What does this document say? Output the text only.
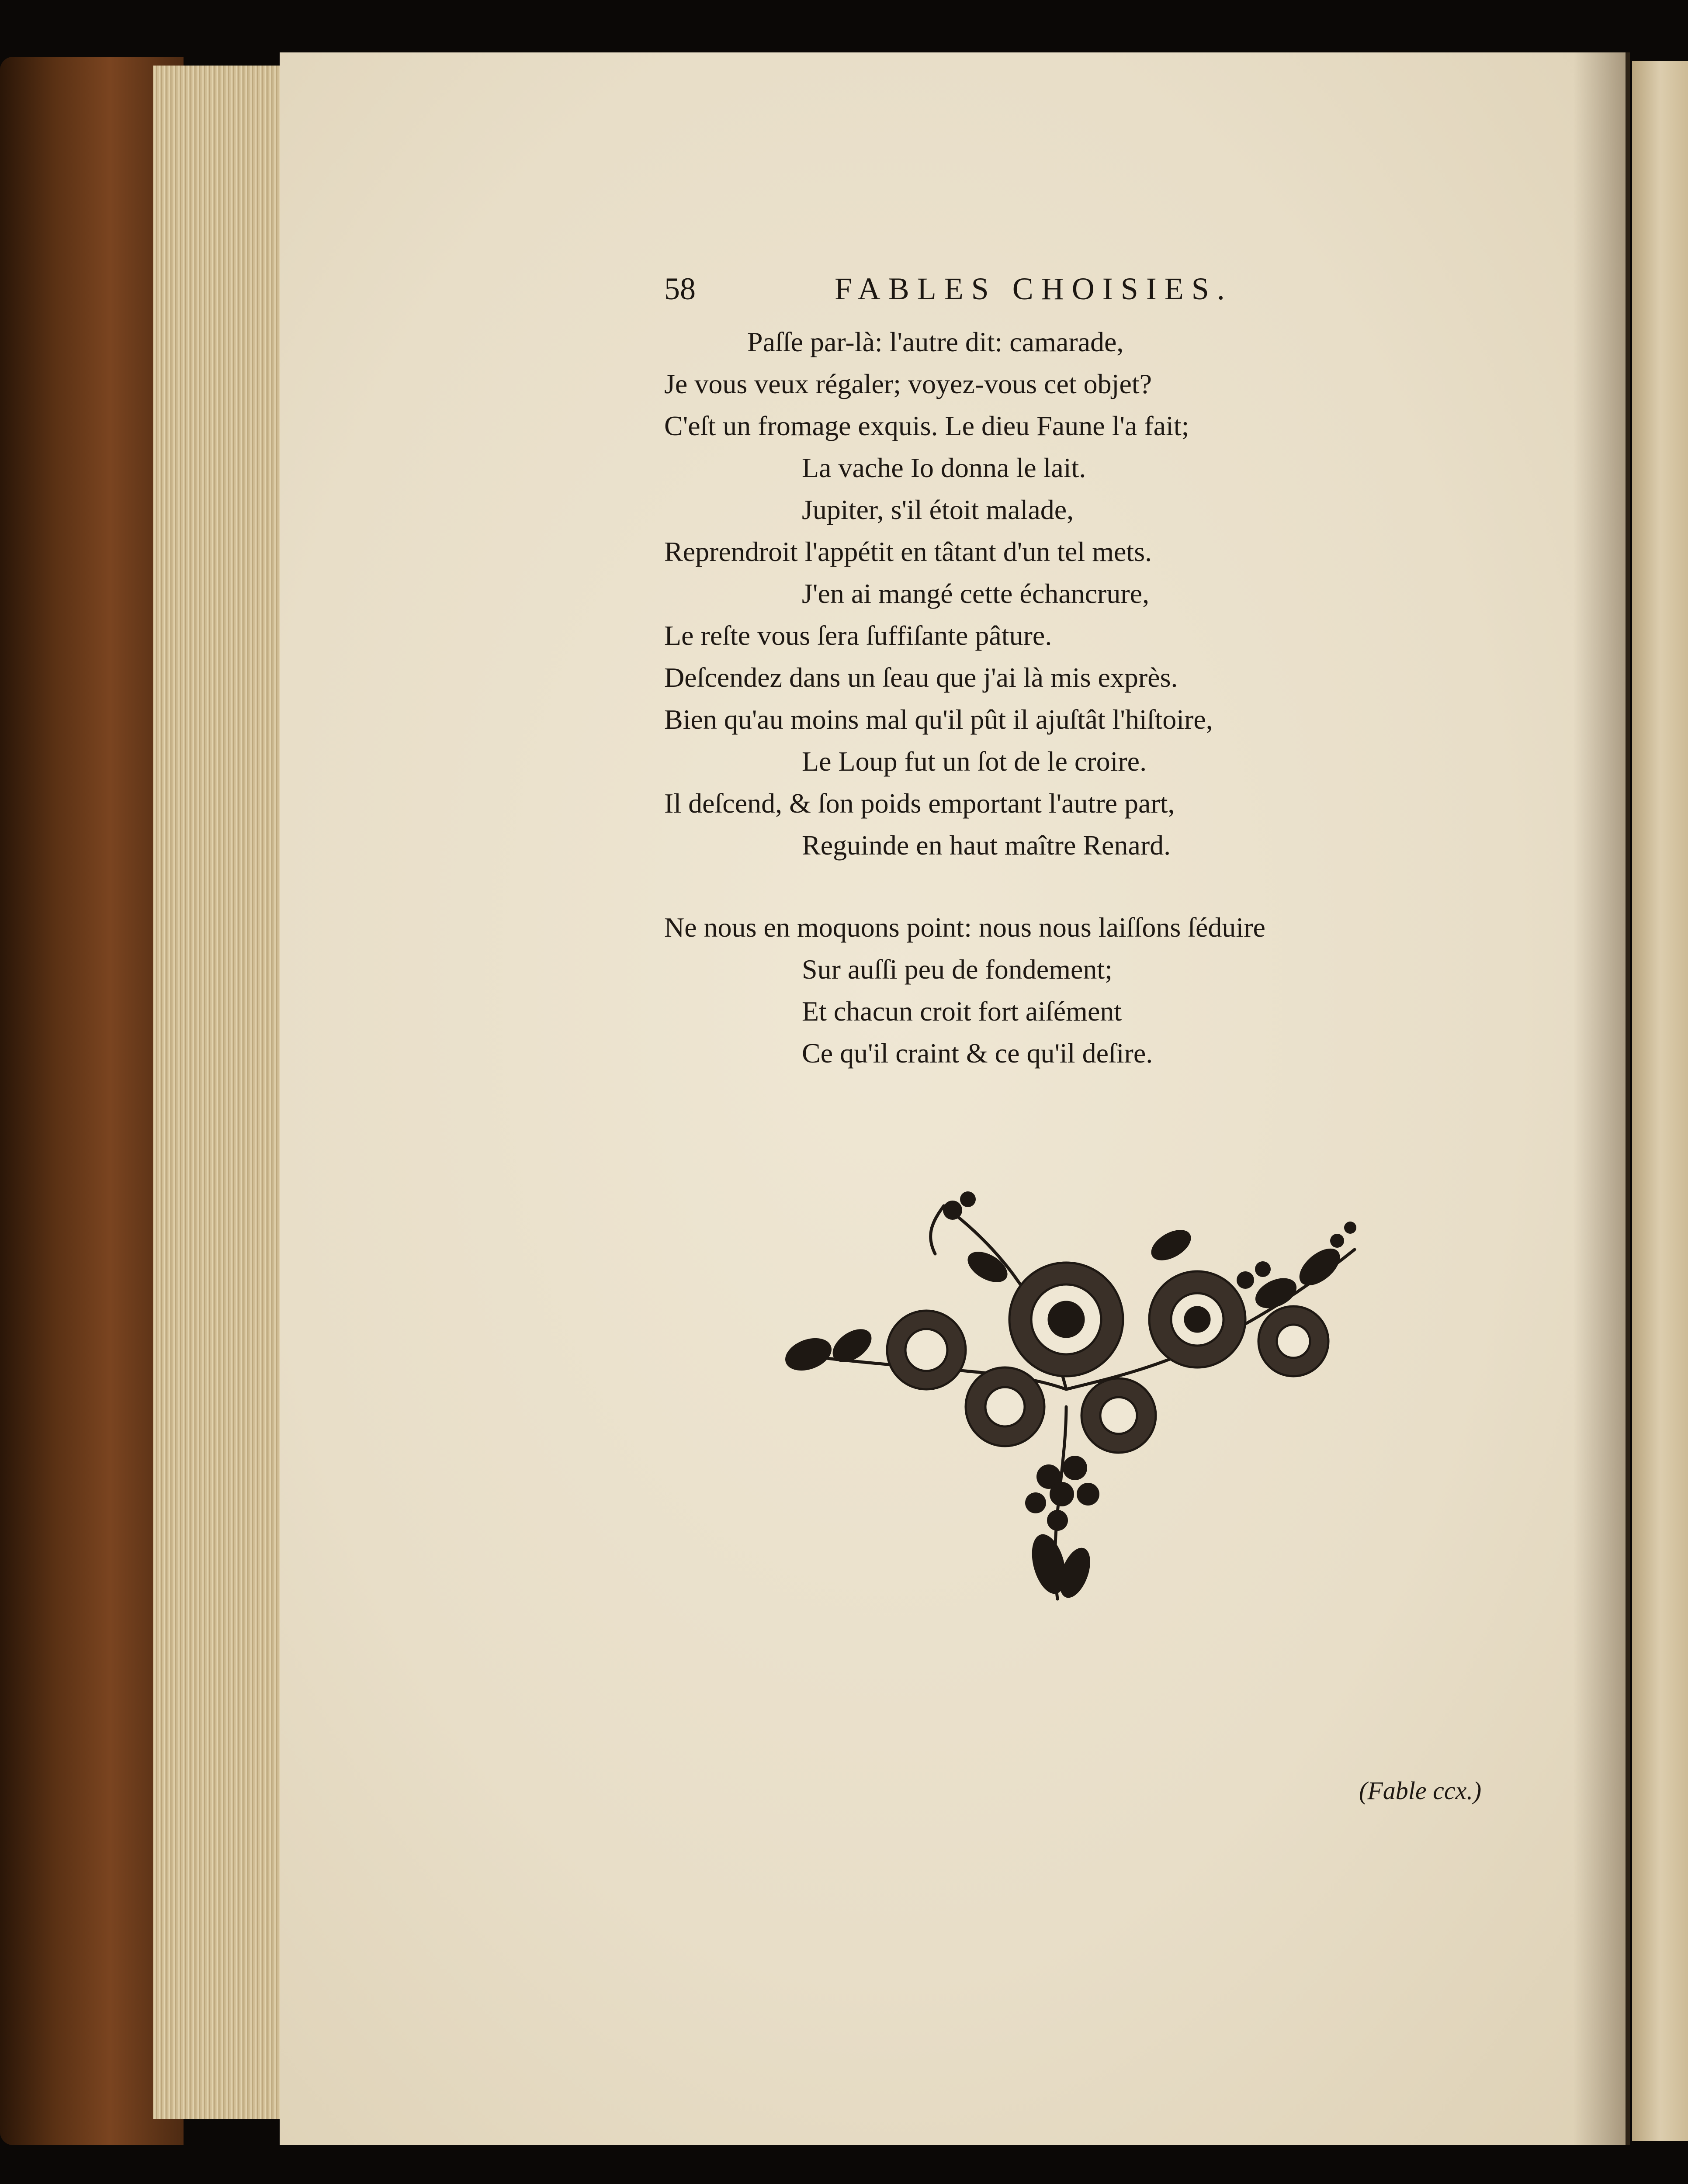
58	FABLES CHOISIES.
Paſſe par-là: l'autre dit: camarade,
Je vous veux régaler; voyez-vous cet objet?
C'eſt un fromage exquis. Le dieu Faune l'a fait;
La vache Io donna le lait.
Jupiter, s'il étoit malade,
Reprendroit l'appétit en tâtant d'un tel mets.
J'en ai mangé cette échancrure,
Le reſte vous ſera ſuffiſante pâture.
Deſcendez dans un ſeau que j'ai là mis exprès.
Bien qu'au moins mal qu'il pût il ajuſtât l'hiſtoire,
Le Loup fut un ſot de le croire.
Il deſcend, & ſon poids emportant l'autre part,
Reguinde en haut maître Renard.
Ne nous en moquons point: nous nous laiſſons ſéduire
Sur auſſi peu de fondement;
Et chacun croit fort aiſément
Ce qu'il craint & ce qu'il deſire.
(Fable ccx.)
